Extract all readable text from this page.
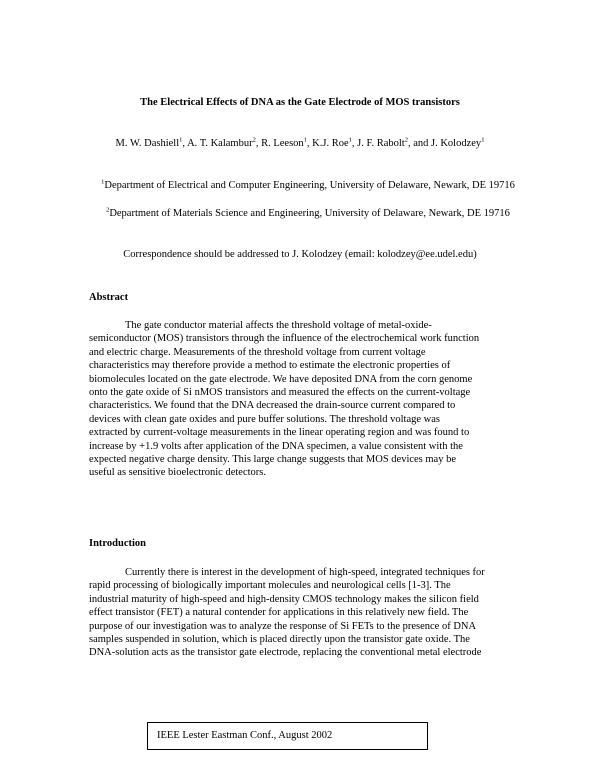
The Electrical Effects of DNA as the Gate Electrode of MOS transistors
M. W. Dashiell$^1$, A. T. Kalambur$^2$, R. Leeson$^1$, K.J. Roe$^1$, J. F. Rabolt$^2$, and J. Kolodzey$^1$
$^1$Department of Electrical and Computer Engineering, University of Delaware, Newark, DE 19716
$^2$Department of Materials Science and Engineering, University of Delaware, Newark, DE 19716
Correspondence should be addressed to J. Kolodzey (email: kolodzey@ee.udel.edu)
Abstract
The gate conductor material affects the threshold voltage of metal-oxide-
semiconductor (MOS) transistors through the influence of the electrochemical work function
and electric charge. Measurements of the threshold voltage from current voltage
characteristics may therefore provide a method to estimate the electronic properties of
biomolecules located on the gate electrode. We have deposited DNA from the corn genome
onto the gate oxide of Si nMOS transistors and measured the effects on the current-voltage
characteristics. We found that the DNA decreased the drain-source current compared to
devices with clean gate oxides and pure buffer solutions. The threshold voltage was
extracted by current-voltage measurements in the linear operating region and was found to
increase by +1.9 volts after application of the DNA specimen, a value consistent with the
expected negative charge density. This large change suggests that MOS devices may be
useful as sensitive bioelectronic detectors.
Introduction
Currently there is interest in the development of high-speed, integrated techniques for
rapid processing of biologically important molecules and neurological cells [1-3]. The
industrial maturity of high-speed and high-density CMOS technology makes the silicon field
effect transistor (FET) a natural contender for applications in this relatively new field. The
purpose of our investigation was to analyze the response of Si FETs to the presence of DNA
samples suspended in solution, which is placed directly upon the transistor gate oxide. The
DNA-solution acts as the transistor gate electrode, replacing the conventional metal electrode
IEEE Lester Eastman Conf., August 2002
